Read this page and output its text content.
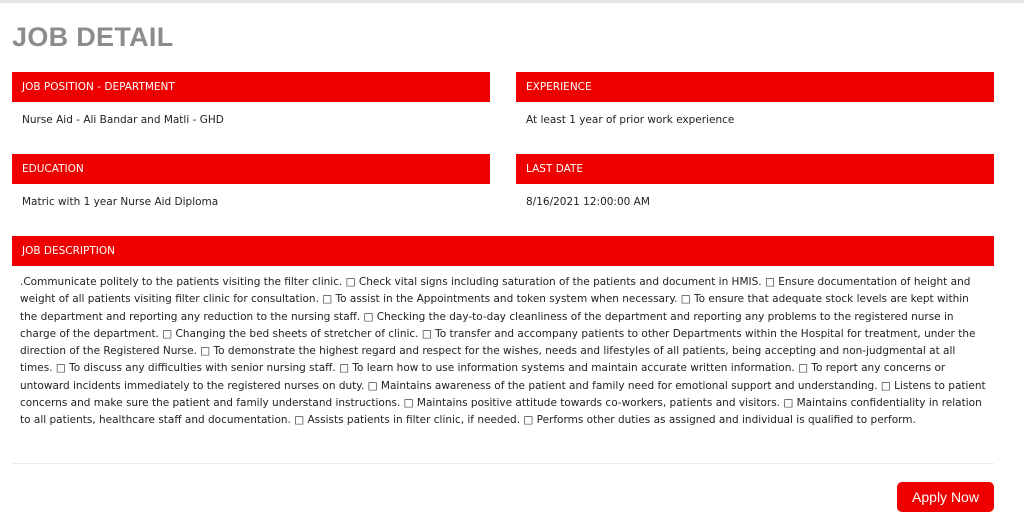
JOB DETAIL
JOB POSITION - DEPARTMENT
Nurse Aid - Ali Bandar and Matli - GHD
EXPERIENCE
At least 1 year of prior work experience
EDUCATION
Matric with 1 year Nurse Aid Diploma
LAST DATE
8/16/2021 12:00:00 AM
JOB DESCRIPTION
.Communicate politely to the patients visiting the filter clinic. □ Check vital signs including saturation of the patients and document in HMIS. □ Ensure documentation of height and weight of all patients visiting filter clinic for consultation. □ To assist in the Appointments and token system when necessary. □ To ensure that adequate stock levels are kept within the department and reporting any reduction to the nursing staff. □ Checking the day-to-day cleanliness of the department and reporting any problems to the registered nurse in charge of the department. □ Changing the bed sheets of stretcher of clinic. □ To transfer and accompany patients to other Departments within the Hospital for treatment, under the direction of the Registered Nurse. □ To demonstrate the highest regard and respect for the wishes, needs and lifestyles of all patients, being accepting and non-judgmental at all times. □ To discuss any difficulties with senior nursing staff. □ To learn how to use information systems and maintain accurate written information. □ To report any concerns or untoward incidents immediately to the registered nurses on duty. □ Maintains awareness of the patient and family need for emotional support and understanding. □ Listens to patient concerns and make sure the patient and family understand instructions. □ Maintains positive attitude towards co-workers, patients and visitors. □ Maintains confidentiality in relation to all patients, healthcare staff and documentation. □ Assists patients in filter clinic, if needed. □ Performs other duties as assigned and individual is qualified to perform.
Apply Now
